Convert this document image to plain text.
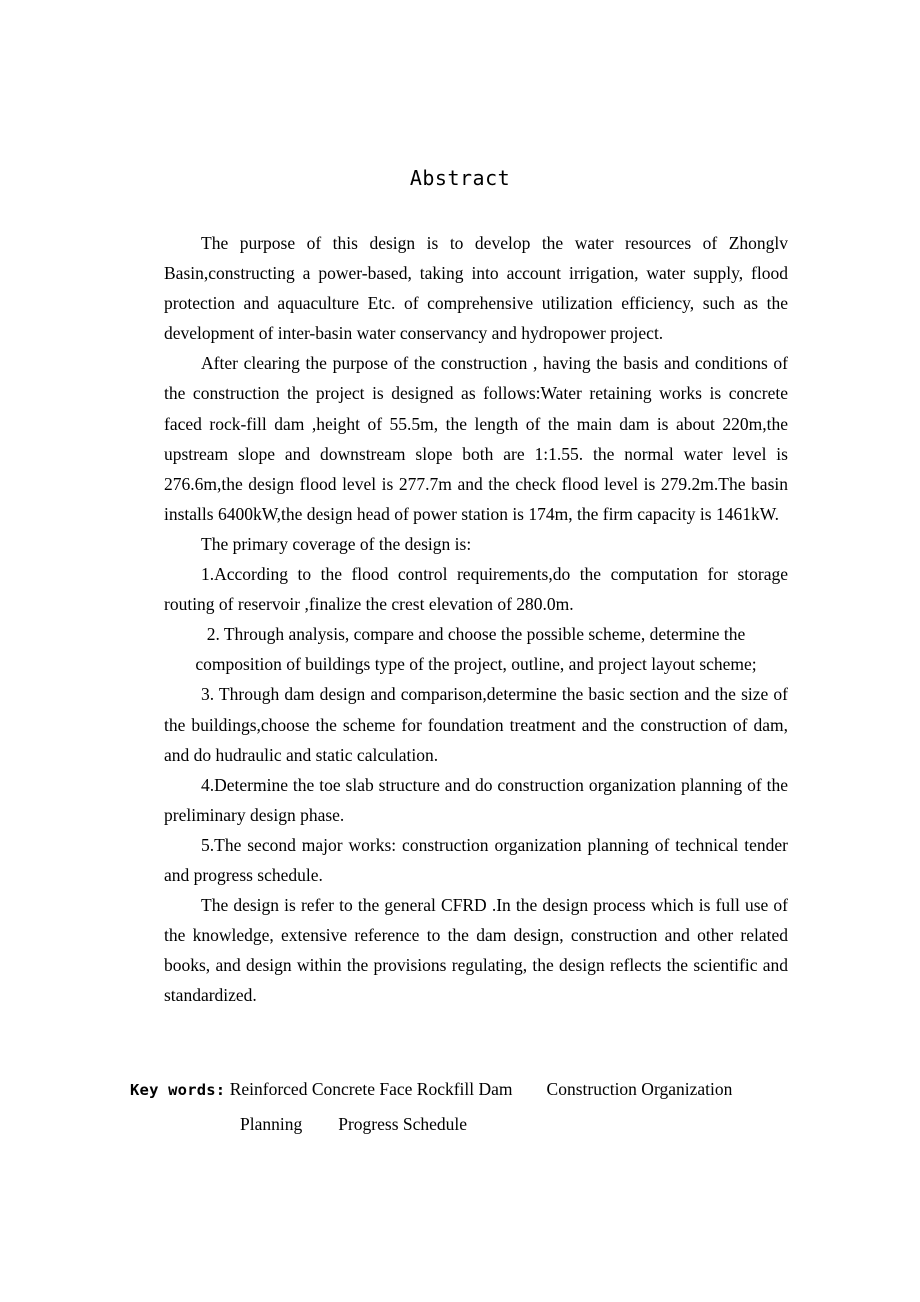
Abstract

The purpose of this design is to develop the water resources of Zhonglv Basin,constructing a power-based, taking into account irrigation, water supply, flood protection and aquaculture Etc. of comprehensive utilization efficiency, such as the development of inter-basin water conservancy and hydropower project.

After clearing the purpose of the construction , having the basis and conditions of the construction the project is designed as follows:Water retaining works is concrete faced rock-fill dam ,height of 55.5m, the length of the main dam is about 220m,the upstream slope and downstream slope both are 1:1.55. the normal water level is 276.6m,the design flood level is 277.7m and the check flood level is 279.2m.The basin installs 6400kW,the design head of power station is 174m, the firm capacity is 1461kW.

The primary coverage of the design is:

1.According to the flood control requirements,do the computation for storage routing of reservoir ,finalize the crest elevation of 280.0m.

2. Through analysis, compare and choose the possible scheme, determine the composition of buildings type of the project, outline, and project layout scheme;

3. Through dam design and comparison,determine the basic section and the size of the buildings,choose the scheme for foundation treatment and the construction of dam, and do hudraulic and static calculation.

4.Determine the toe slab structure and do construction organization planning of the preliminary design phase.

5.The second major works: construction organization planning of technical tender and progress schedule.

The design is refer to the general CFRD .In the design process which is full use of the knowledge, extensive reference to the dam design, construction and other related books, and design within the provisions regulating, the design reflects the scientific and standardized.

Key words: Reinforced Concrete Face Rockfill Dam Construction Organization
Planning Progress Schedule
